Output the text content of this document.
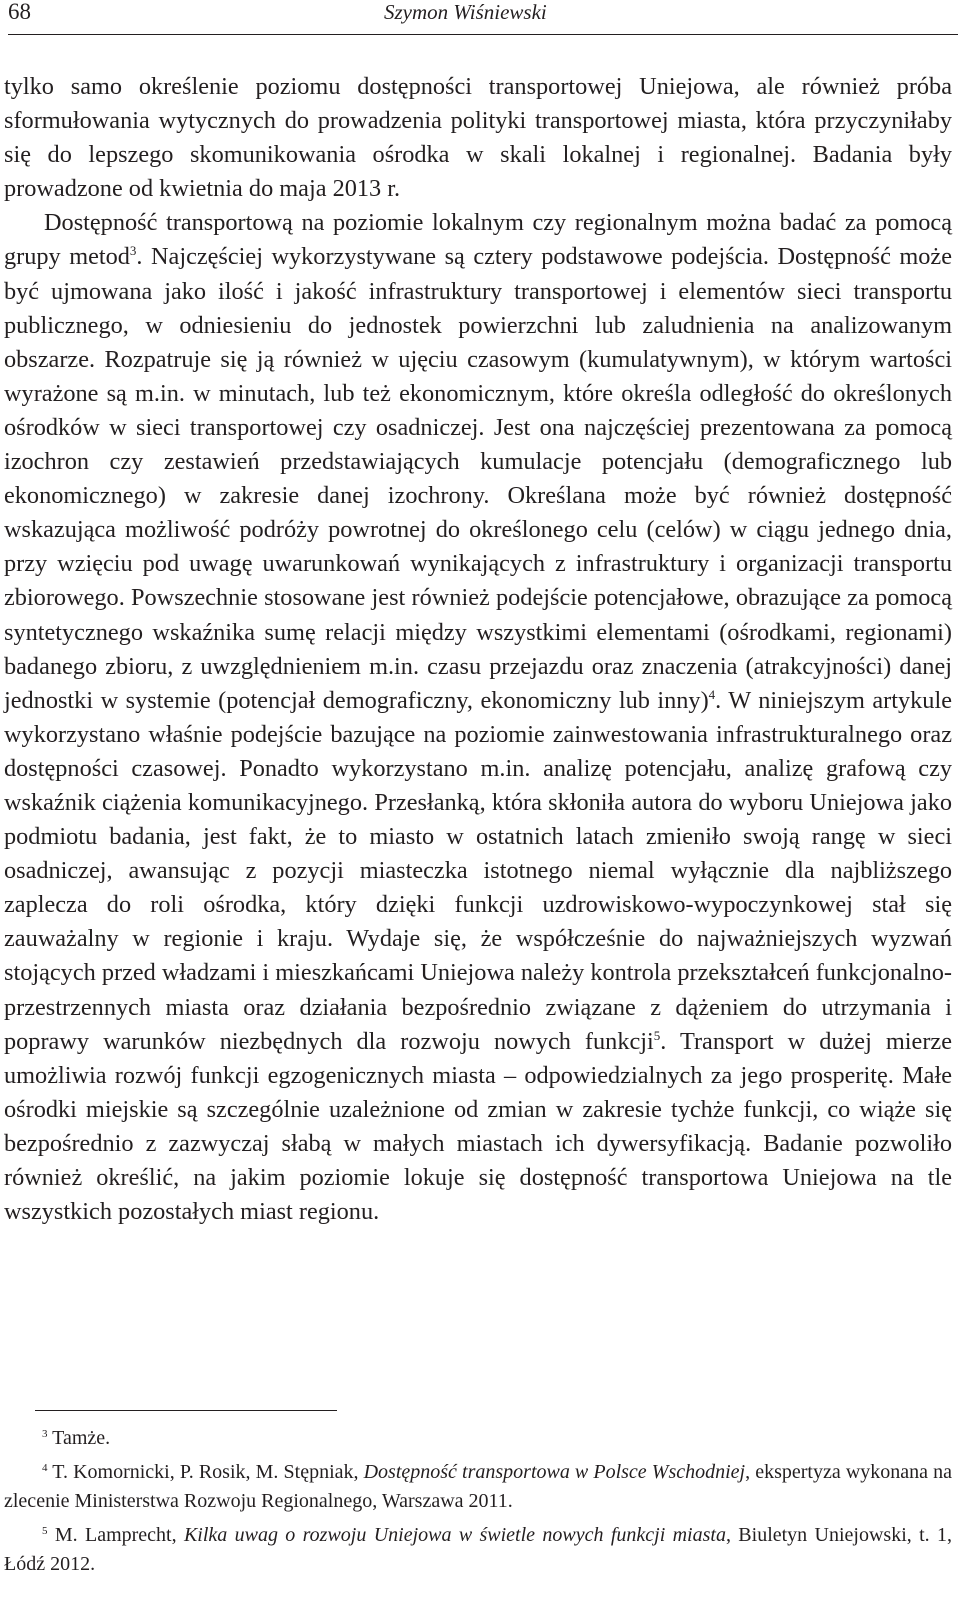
68	Szymon Wiśniewski

tylko samo określenie poziomu dostępności transportowej Uniejowa, ale również próba sformułowania wytycznych do prowadzenia polityki transportowej miasta, która przyczyniłaby się do lepszego skomunikowania ośrodka w skali lokalnej i regionalnej. Badania były prowadzone od kwietnia do maja 2013 r.

Dostępność transportową na poziomie lokalnym czy regionalnym można badać za pomocą grupy metod$^3$. Najczęściej wykorzystywane są cztery podstawowe podejścia. Dostępność może być ujmowana jako ilość i jakość infrastruktury transportowej i elementów sieci transportu publicznego, w odniesieniu do jednostek powierzchni lub zaludnienia na analizowanym obszarze. Rozpatruje się ją również w ujęciu czasowym (kumulatywnym), w którym wartości wyrażone są m.in. w minutach, lub też ekonomicznym, które określa odległość do określonych ośrodków w sieci transportowej czy osadniczej. Jest ona najczęściej prezentowana za pomocą izochron czy zestawień przedstawiających kumulacje potencjału (demograficznego lub ekonomicznego) w zakresie danej izochrony. Określana może być również dostępność wskazująca możliwość podróży powrotnej do określonego celu (celów) w ciągu jednego dnia, przy wzięciu pod uwagę uwarunkowań wynikających z infrastruktury i organizacji transportu zbiorowego. Powszechnie stosowane jest również podejście potencjałowe, obrazujące za pomocą syntetycznego wskaźnika sumę relacji między wszystkimi elementami (ośrodkami, regionami) badanego zbioru, z uwzględnieniem m.in. czasu przejazdu oraz znaczenia (atrakcyjności) danej jednostki w systemie (potencjał demograficzny, ekonomiczny lub inny)$^4$. W niniejszym artykule wykorzystano właśnie podejście bazujące na poziomie zainwestowania infrastrukturalnego oraz dostępności czasowej. Ponadto wykorzystano m.in. analizę potencjału, analizę grafową czy wskaźnik ciążenia komunikacyjnego. Przesłanką, która skłoniła autora do wyboru Uniejowa jako podmiotu badania, jest fakt, że to miasto w ostatnich latach zmieniło swoją rangę w sieci osadniczej, awansując z pozycji miasteczka istotnego niemal wyłącznie dla najbliższego zaplecza do roli ośrodka, który dzięki funkcji uzdrowiskowo-wypoczynkowej stał się zauważalny w regionie i kraju. Wydaje się, że współcześnie do najważniejszych wyzwań stojących przed władzami i mieszkańcami Uniejowa należy kontrola przekształceń funkcjonalno-przestrzennych miasta oraz działania bezpośrednio związane z dążeniem do utrzymania i poprawy warunków niezbędnych dla rozwoju nowych funkcji$^5$. Transport w dużej mierze umożliwia rozwój funkcji egzogenicznych miasta – odpowiedzialnych za jego prosperitę. Małe ośrodki miejskie są szczególnie uzależnione od zmian w zakresie tychże funkcji, co wiąże się bezpośrednio z zazwyczaj słabą w małych miastach ich dywersyfikacją. Badanie pozwoliło również określić, na jakim poziomie lokuje się dostępność transportowa Uniejowa na tle wszystkich pozostałych miast regionu.

$^3$ Tamże.

$^4$ T. Komornicki, P. Rosik, M. Stępniak, Dostępność transportowa w Polsce Wschodniej, ekspertyza wykonana na zlecenie Ministerstwa Rozwoju Regionalnego, Warszawa 2011.

$^5$ M. Lamprecht, Kilka uwag o rozwoju Uniejowa w świetle nowych funkcji miasta, Biuletyn Uniejowski, t. 1, Łódź 2012.
